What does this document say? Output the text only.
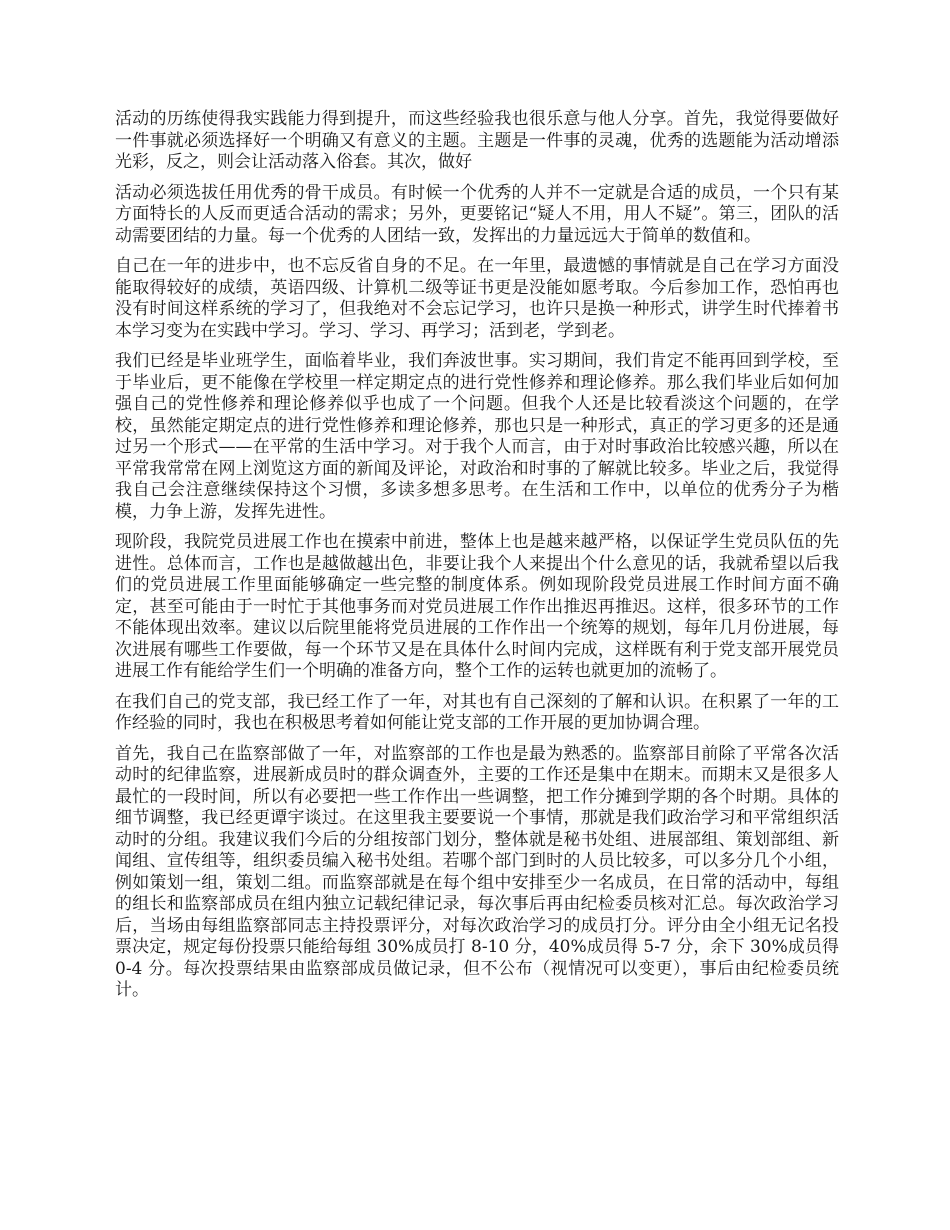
活动的历练使得我实践能力得到提升，而这些经验我也很乐意与他人分享。首先，我觉得要做好一件事就必须选择好一个明确又有意义的主题。主题是一件事的灵魂，优秀的选题能为活动增添光彩，反之，则会让活动落入俗套。其次，做好

活动必须选拔任用优秀的骨干成员。有时候一个优秀的人并不一定就是合适的成员，一个只有某方面特长的人反而更适合活动的需求；另外，更要铭记“疑人不用，用人不疑”。第三，团队的活动需要团结的力量。每一个优秀的人团结一致，发挥出的力量远远大于简单的数值和。

自己在一年的进步中，也不忘反省自身的不足。在一年里，最遗憾的事情就是自己在学习方面没能取得较好的成绩，英语四级、计算机二级等证书更是没能如愿考取。今后参加工作，恐怕再也没有时间这样系统的学习了，但我绝对不会忘记学习，也许只是换一种形式，讲学生时代捧着书本学习变为在实践中学习。学习、学习、再学习；活到老，学到老。

我们已经是毕业班学生，面临着毕业，我们奔波世事。实习期间，我们肯定不能再回到学校，至于毕业后，更不能像在学校里一样定期定点的进行党性修养和理论修养。那么我们毕业后如何加强自己的党性修养和理论修养似乎也成了一个问题。但我个人还是比较看淡这个问题的，在学校，虽然能定期定点的进行党性修养和理论修养，那也只是一种形式，真正的学习更多的还是通过另一个形式——在平常的生活中学习。对于我个人而言，由于对时事政治比较感兴趣，所以在平常我常常在网上浏览这方面的新闻及评论，对政治和时事的了解就比较多。毕业之后，我觉得我自己会注意继续保持这个习惯，多读多想多思考。在生活和工作中，以单位的优秀分子为楷模，力争上游，发挥先进性。

现阶段，我院党员进展工作也在摸索中前进，整体上也是越来越严格，以保证学生党员队伍的先进性。总体而言，工作也是越做越出色，非要让我个人来提出个什么意见的话，我就希望以后我们的党员进展工作里面能够确定一些完整的制度体系。例如现阶段党员进展工作时间方面不确定，甚至可能由于一时忙于其他事务而对党员进展工作作出推迟再推迟。这样，很多环节的工作不能体现出效率。建议以后院里能将党员进展的工作作出一个统筹的规划，每年几月份进展，每次进展有哪些工作要做，每一个环节又是在具体什么时间内完成，这样既有利于党支部开展党员进展工作有能给学生们一个明确的准备方向，整个工作的运转也就更加的流畅了。

在我们自己的党支部，我已经工作了一年，对其也有自己深刻的了解和认识。在积累了一年的工作经验的同时，我也在积极思考着如何能让党支部的工作开展的更加协调合理。

首先，我自己在监察部做了一年，对监察部的工作也是最为熟悉的。监察部目前除了平常各次活动时的纪律监察，进展新成员时的群众调查外，主要的工作还是集中在期末。而期末又是很多人最忙的一段时间，所以有必要把一些工作作出一些调整，把工作分摊到学期的各个时期。具体的细节调整，我已经更谭宇谈过。在这里我主要要说一个事情，那就是我们政治学习和平常组织活动时的分组。我建议我们今后的分组按部门划分，整体就是秘书处组、进展部组、策划部组、新闻组、宣传组等，组织委员编入秘书处组。若哪个部门到时的人员比较多，可以多分几个小组，例如策划一组，策划二组。而监察部就是在每个组中安排至少一名成员，在日常的活动中，每组的组长和监察部成员在组内独立记载纪律记录，每次事后再由纪检委员核对汇总。每次政治学习后，当场由每组监察部同志主持投票评分，对每次政治学习的成员打分。评分由全小组无记名投票决定，规定每份投票只能给每组 30%成员打 8-10 分，40%成员得 5-7 分，余下 30%成员得 0-4 分。每次投票结果由监察部成员做记录，但不公布（视情况可以变更），事后由纪检委员统计。
